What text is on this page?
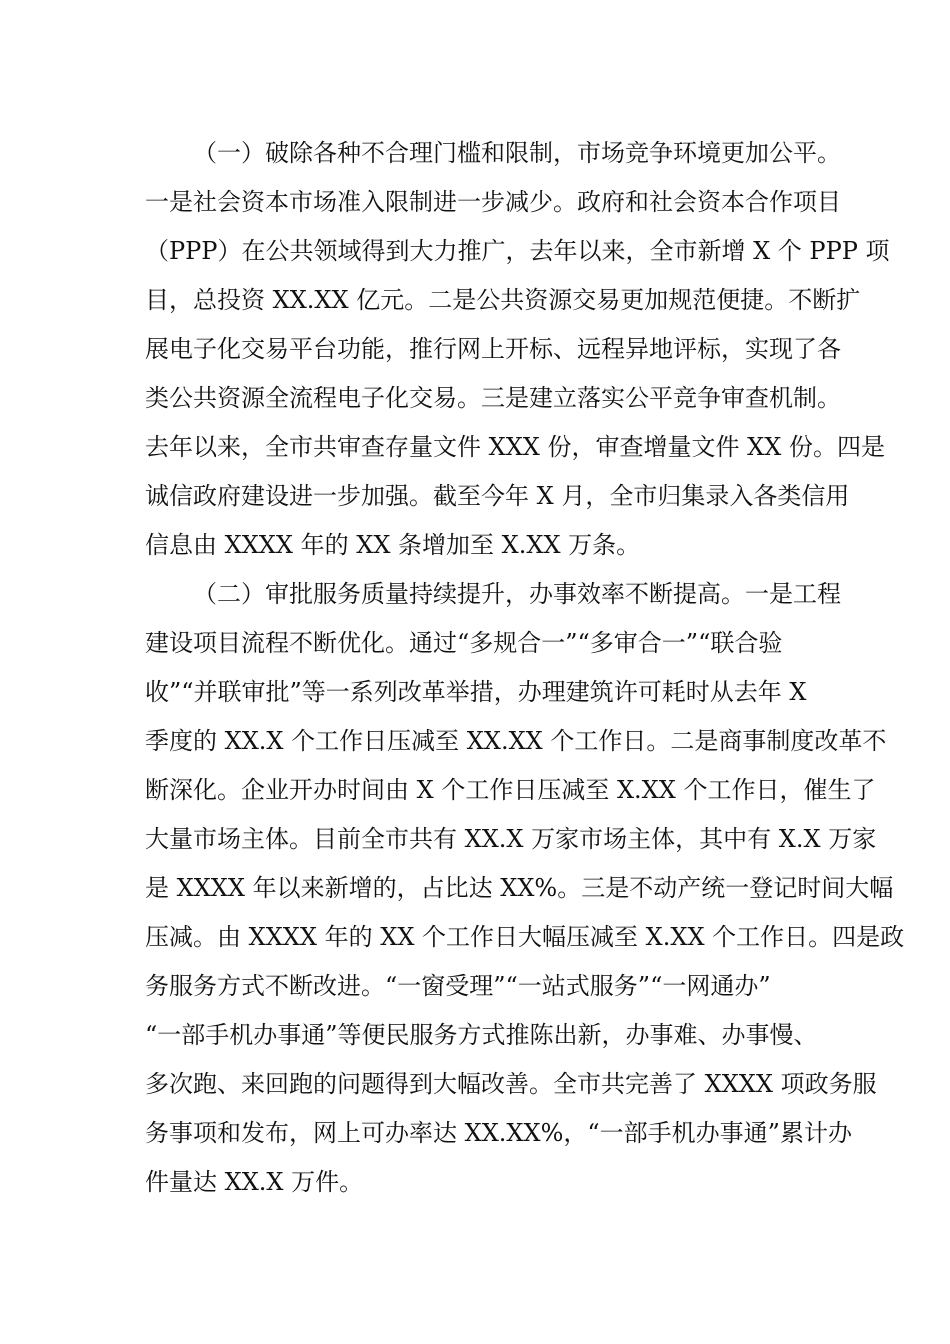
（一）破除各种不合理门槛和限制，市场竞争环境更加公平。
一是社会资本市场准入限制进一步减少。政府和社会资本合作项目
（PPP）在公共领域得到大力推广，去年以来，全市新增 X 个 PPP 项
目，总投资 XX.XX 亿元。二是公共资源交易更加规范便捷。不断扩
展电子化交易平台功能，推行网上开标、远程异地评标，实现了各
类公共资源全流程电子化交易。三是建立落实公平竞争审查机制。
去年以来，全市共审查存量文件 XXX 份，审查增量文件 XX 份。四是
诚信政府建设进一步加强。截至今年 X 月，全市归集录入各类信用
信息由 XXXX 年的 XX 条增加至 X.XX 万条。
（二）审批服务质量持续提升，办事效率不断提高。一是工程
建设项目流程不断优化。通过“多规合一”“多审合一”“联合验
收”“并联审批”等一系列改革举措，办理建筑许可耗时从去年 X
季度的 XX.X 个工作日压减至 XX.XX 个工作日。二是商事制度改革不
断深化。企业开办时间由 X 个工作日压减至 X.XX 个工作日，催生了
大量市场主体。目前全市共有 XX.X 万家市场主体，其中有 X.X 万家
是 XXXX 年以来新增的，占比达 XX%。三是不动产统一登记时间大幅
压减。由 XXXX 年的 XX 个工作日大幅压减至 X.XX 个工作日。四是政
务服务方式不断改进。“一窗受理”“一站式服务”“一网通办”
“一部手机办事通”等便民服务方式推陈出新，办事难、办事慢、
多次跑、来回跑的问题得到大幅改善。全市共完善了 XXXX 项政务服
务事项和发布，网上可办率达 XX.XX%，“一部手机办事通”累计办
件量达 XX.X 万件。
